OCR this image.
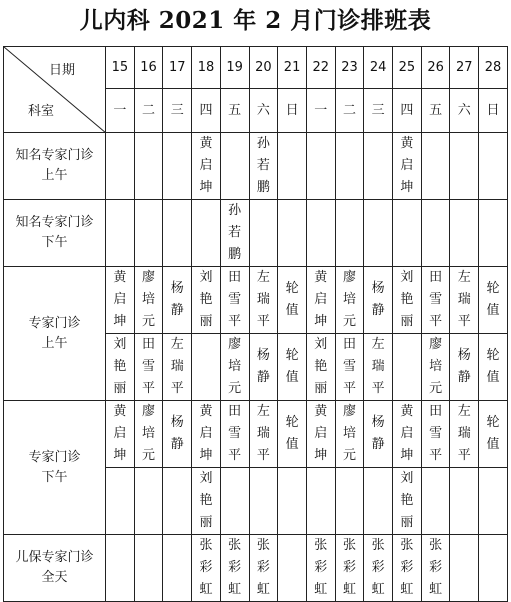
儿内科 2021 年 2 月门诊排班表
日期
科室	15	16	17	18	19	20	21	22	23	24	25	26	27	28
	一	二	三	四	五	六	日	一	二	三	四	五	六	日

知名专家门诊
上午				黄启坤		孙若鹏					黄启坤			

知名专家门诊
下午					孙若鹏									

专家门诊
上午	黄启坤	廖培元	杨静	刘艳丽	田雪平	左瑞平	轮值	黄启坤	廖培元	杨静	刘艳丽	田雪平	左瑞平	轮值

	刘艳丽	田雪平	左瑞平		廖培元	杨静	轮值	刘艳丽	田雪平	左瑞平		廖培元	杨静	轮值

专家门诊
下午	黄启坤	廖培元	杨静	黄启坤	田雪平	左瑞平	轮值	黄启坤	廖培元	杨静	黄启坤	田雪平	左瑞平	轮值

				刘艳丽							刘艳丽			

儿保专家门诊
全天				张彩虹	张彩虹	张彩虹		张彩虹	张彩虹	张彩虹	张彩虹	张彩虹		
